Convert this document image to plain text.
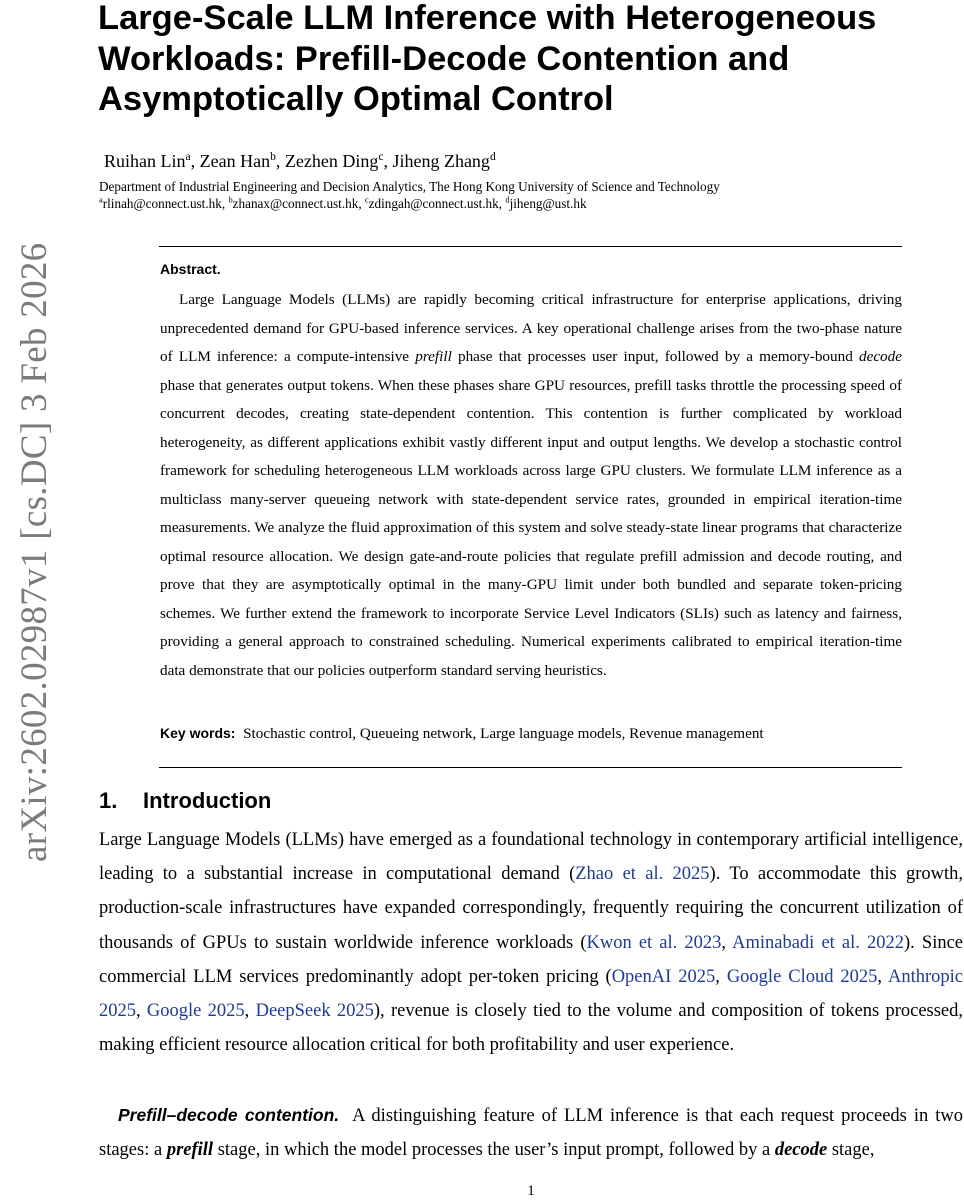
arXiv:2602.02987v1 [cs.DC] 3 Feb 2026
Large-Scale LLM Inference with Heterogeneous
Workloads: Prefill-Decode Contention and
Asymptotically Optimal Control
Ruihan Lin$^a$, Zean Han$^b$, Zezhen Ding$^c$, Jiheng Zhang$^d$
Department of Industrial Engineering and Decision Analytics, The Hong Kong University of Science and Technology
$^a$rlinah@connect.ust.hk, $^b$zhanax@connect.ust.hk, $^c$zdingah@connect.ust.hk, $^d$jiheng@ust.hk
Abstract.

Large Language Models (LLMs) are rapidly becoming critical infrastructure for enterprise applications, driving unprecedented demand for GPU-based inference services. A key operational challenge arises from the two-phase nature of LLM inference: a compute-intensive prefill phase that processes user input, followed by a memory-bound decode phase that generates output tokens. When these phases share GPU resources, prefill tasks throttle the processing speed of concurrent decodes, creating state-dependent contention. This contention is further complicated by workload heterogeneity, as different applications exhibit vastly different input and output lengths. We develop a stochastic control framework for scheduling heterogeneous LLM workloads across large GPU clusters. We formulate LLM inference as a multiclass many-server queueing network with state-dependent service rates, grounded in empirical iteration-time measurements. We analyze the fluid approximation of this system and solve steady-state linear programs that characterize optimal resource allocation. We design gate-and-route policies that regulate prefill admission and decode routing, and prove that they are asymptotically optimal in the many-GPU limit under both bundled and separate token-pricing schemes. We further extend the framework to incorporate Service Level Indicators (SLIs) such as latency and fairness, providing a general approach to constrained scheduling. Numerical experiments calibrated to empirical iteration-time data demonstrate that our policies outperform standard serving heuristics.

Key words: Stochastic control, Queueing network, Large language models, Revenue management
1. Introduction

Large Language Models (LLMs) have emerged as a foundational technology in contemporary artificial intelligence, leading to a substantial increase in computational demand (Zhao et al. 2025). To accommodate this growth, production-scale infrastructures have expanded correspondingly, frequently requiring the concurrent utilization of thousands of GPUs to sustain worldwide inference workloads (Kwon et al. 2023, Aminabadi et al. 2022). Since commercial LLM services predominantly adopt per-token pricing (OpenAI 2025, Google Cloud 2025, Anthropic 2025, Google 2025, DeepSeek 2025), revenue is closely tied to the volume and composition of tokens processed, making efficient resource allocation critical for both profitability and user experience.

Prefill–decode contention. A distinguishing feature of LLM inference is that each request proceeds in two stages: a prefill stage, in which the model processes the user’s input prompt, followed by a decode stage,

1
